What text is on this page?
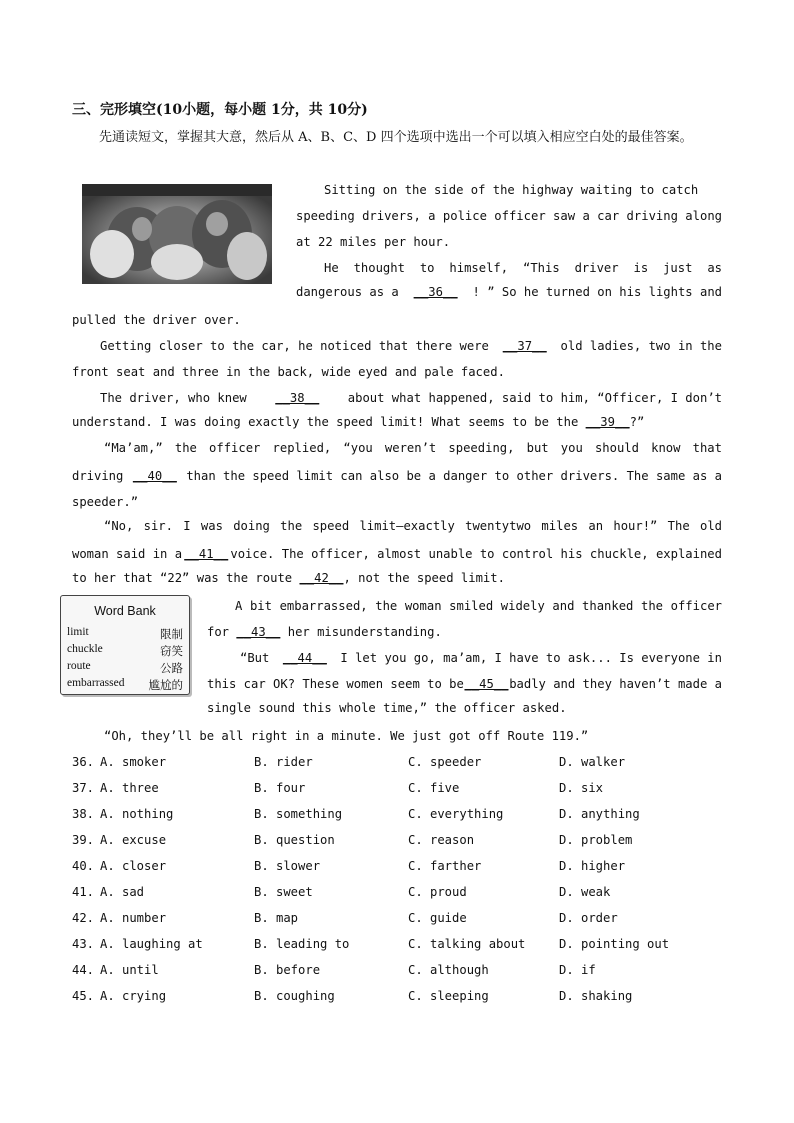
三、完形填空(10小题，每小题 1分，共 10分)
先通读短文，掌握其大意，然后从 A、B、C、D 四个选项中选出一个可以填入相应空白处的最佳答案。
Sitting on the side of the highway waiting to catch
speeding drivers, a police officer saw a car driving along
at 22 miles per hour.
He thought to himself, “This driver is just as
dangerous as a __36__ ! ” So he turned on his lights and
pulled the driver over.
Getting closer to the car, he noticed that there were __37__ old ladies, two in the
front seat and three in the back, wide eyed and pale faced.
The driver, who knew __38__ about what happened, said to him, “Officer, I don’t
understand. I was doing exactly the speed limit! What seems to be the __39__?”
“Ma’am,” the officer replied, “you weren’t speeding, but you should know that
driving __40__ than the speed limit can also be a danger to other drivers. The same as a
speeder.”
“No, sir. I was doing the speed limit—exactly twentytwo miles an hour!” The old
woman said in a __41__ voice. The officer, almost unable to control his chuckle, explained
to her that “22” was the route __42__, not the speed limit.
Word Bank
limit	限制
chuckle	窃笑
route	公路
embarrassed 尴尬的
A bit embarrassed, the woman smiled widely and thanked the officer
for __43__ her misunderstanding.
“But __44__ I let you go, ma’am, I have to ask... Is everyone in
this car OK? These women seem to be __45__ badly and they haven’t made a
single sound this whole time,” the officer asked.
“Oh, they’ll be all right in a minute. We just got off Route 119.”
36. A. smoker	B. rider	C. speeder	D. walker
37. A. three	B. four	C. five	D. six
38. A. nothing	B. something	C. everything	D. anything
39. A. excuse	B. question	C. reason	D. problem
40. A. closer	B. slower	C. farther	D. higher
41. A. sad	B. sweet	C. proud	D. weak
42. A. number	B. map	C. guide	D. order
43. A. laughing at	B. leading to	C. talking about	D. pointing out
44. A. until	B. before	C. although	D. if
45. A. crying	B. coughing	C. sleeping	D. shaking
